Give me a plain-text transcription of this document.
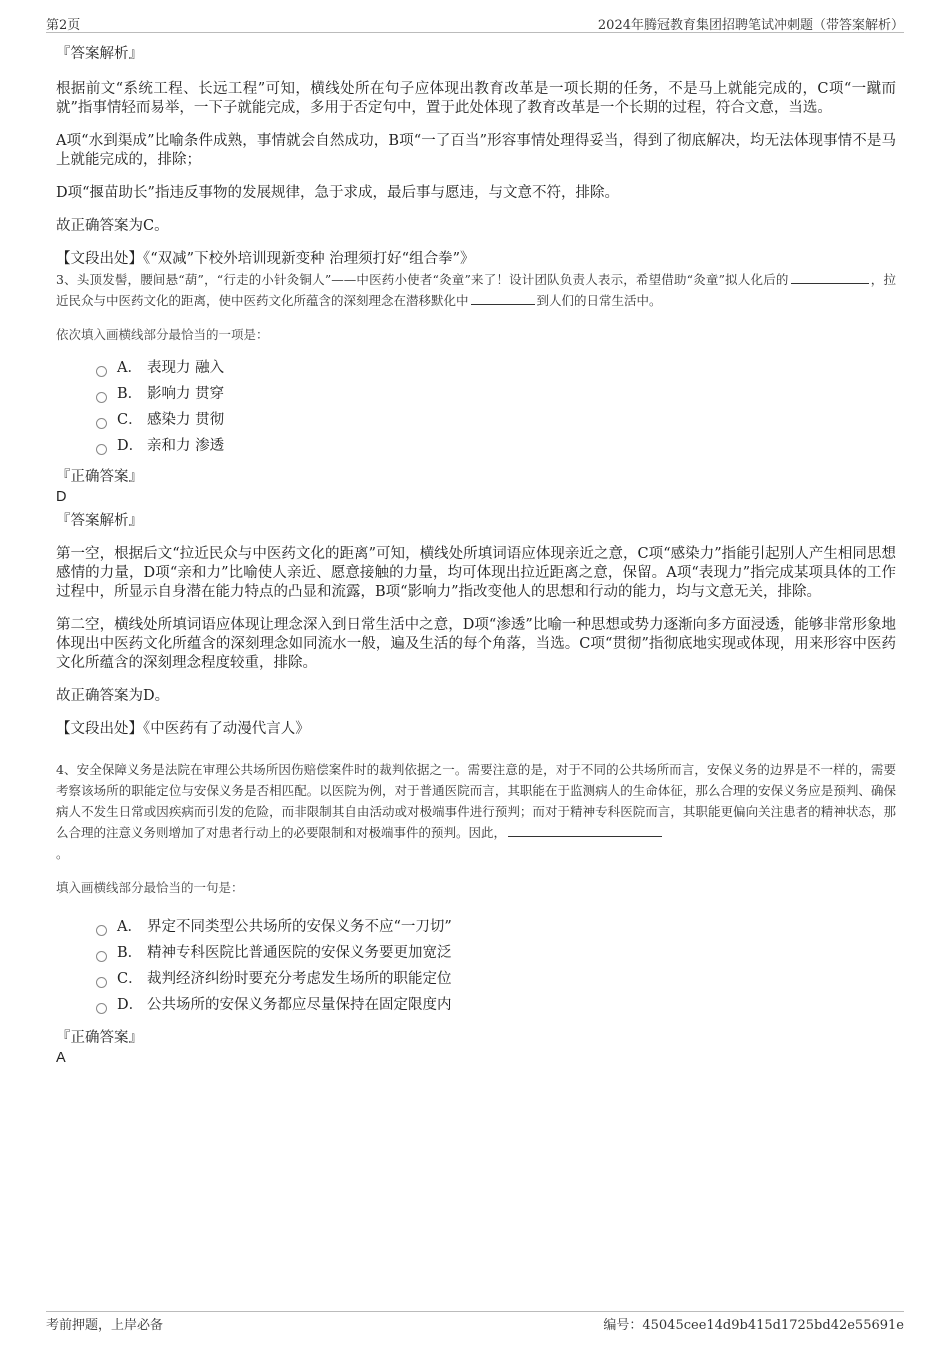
第2页	2024年腾冠教育集团招聘笔试冲刺题（带答案解析）
『答案解析』

根据前文“系统工程、长远工程”可知，横线处所在句子应体现出教育改革是一项长期的任务，不是马上就能完成的，C项“一蹴而就”指事情轻而易举，一下子就能完成，多用于否定句中，置于此处体现了教育改革是一个长期的过程，符合文意，当选。

A项“水到渠成”比喻条件成熟，事情就会自然成功，B项“一了百当”形容事情处理得妥当，得到了彻底解决，均无法体现事情不是马上就能完成的，排除；

D项“揠苗助长”指违反事物的发展规律，急于求成，最后事与愿违，与文意不符，排除。

故正确答案为C。

【文段出处】《“双减”下校外培训现新变种 治理须打好“组合拳”》

3、头顶发髻，腰间悬“葫”，“行走的小针灸铜人”——中医药小使者“灸童”来了！设计团队负责人表示，希望借助“灸童”拟人化后的	，拉近民众与中医药文化的距离，使中医药文化所蕴含的深刻理念在潜移默化中	到人们的日常生活中。

依次填入画横线部分最恰当的一项是：
A． 表现力 融入
B． 影响力 贯穿
C． 感染力 贯彻
D． 亲和力 渗透
『正确答案』
D
『答案解析』

第一空，根据后文“拉近民众与中医药文化的距离”可知，横线处所填词语应体现亲近之意，C项“感染力”指能引起别人产生相同思想感情的力量，D项“亲和力”比喻使人亲近、愿意接触的力量，均可体现出拉近距离之意，保留。A项“表现力”指完成某项具体的工作过程中，所显示自身潜在能力特点的凸显和流露，B项“影响力”指改变他人的思想和行动的能力，均与文意无关，排除。

第二空，横线处所填词语应体现让理念深入到日常生活中之意，D项“渗透”比喻一种思想或势力逐渐向多方面浸透，能够非常形象地体现出中医药文化所蕴含的深刻理念如同流水一般，遍及生活的每个角落，当选。C项“贯彻”指彻底地实现或体现，用来形容中医药文化所蕴含的深刻理念程度较重，排除。

故正确答案为D。

【文段出处】《中医药有了动漫代言人》

4、安全保障义务是法院在审理公共场所因伤赔偿案件时的裁判依据之一。需要注意的是，对于不同的公共场所而言，安保义务的边界是不一样的，需要考察该场所的职能定位与安保义务是否相匹配。以医院为例，对于普通医院而言，其职能在于监测病人的生命体征，那么合理的安保义务应是预判、确保病人不发生日常或因疾病而引发的危险，而非限制其自由活动或对极端事件进行预判；而对于精神专科医院而言，其职能更偏向关注患者的精神状态，那么合理的注意义务则增加了对患者行动上的必要限制和对极端事件的预判。因此，
。

填入画横线部分最恰当的一句是：
A． 界定不同类型公共场所的安保义务不应“一刀切”
B． 精神专科医院比普通医院的安保义务要更加宽泛
C． 裁判经济纠纷时要充分考虑发生场所的职能定位
D． 公共场所的安保义务都应尽量保持在固定限度内
『正确答案』
A
考前押题，上岸必备	编号：45045cee14d9b415d1725bd42e55691e
